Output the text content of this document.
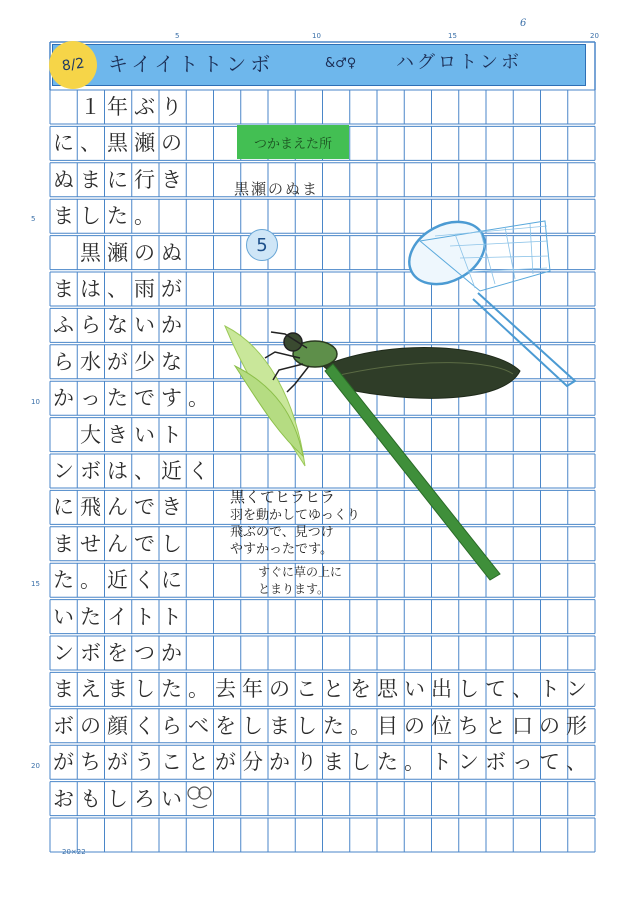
5	10	15	20
5
10
15
20
6
20×22
8/2 キイイトトンボ	&♂♀ ハグロトンボ
　１ 年 ぶ り
に 、 黒 瀬 の
ぬ ま に 行 き
ま し た 。
　黒 瀬 の ぬ
ま は 、 雨 が
ふ ら な い か
ら 水 が 少 な
か っ た で す 。
　大 き い ト
ン ボ は 、 近 く
に 飛 ん で き
ま せ ん で し
た 。 近 く に
い た イ ト ト
ン ボ を つ か
ま え ま し た 。 去 年 の こ と を 思 い 出 し て 、 ト ン
ボ の 顔 く ら べ を し ま し た 。 目 の 位 ち と 口 の 形
が ち が う こ と が 分 か り ま し た 。 ト ン ボ っ て 、
お も し ろ い
つかまえた所
黒瀬のぬま
5
黒くてヒラヒラ
羽を動かしてゆっくり
飛ぶので、見つけ
やすかったです。
すぐに草の上に
とまります。
